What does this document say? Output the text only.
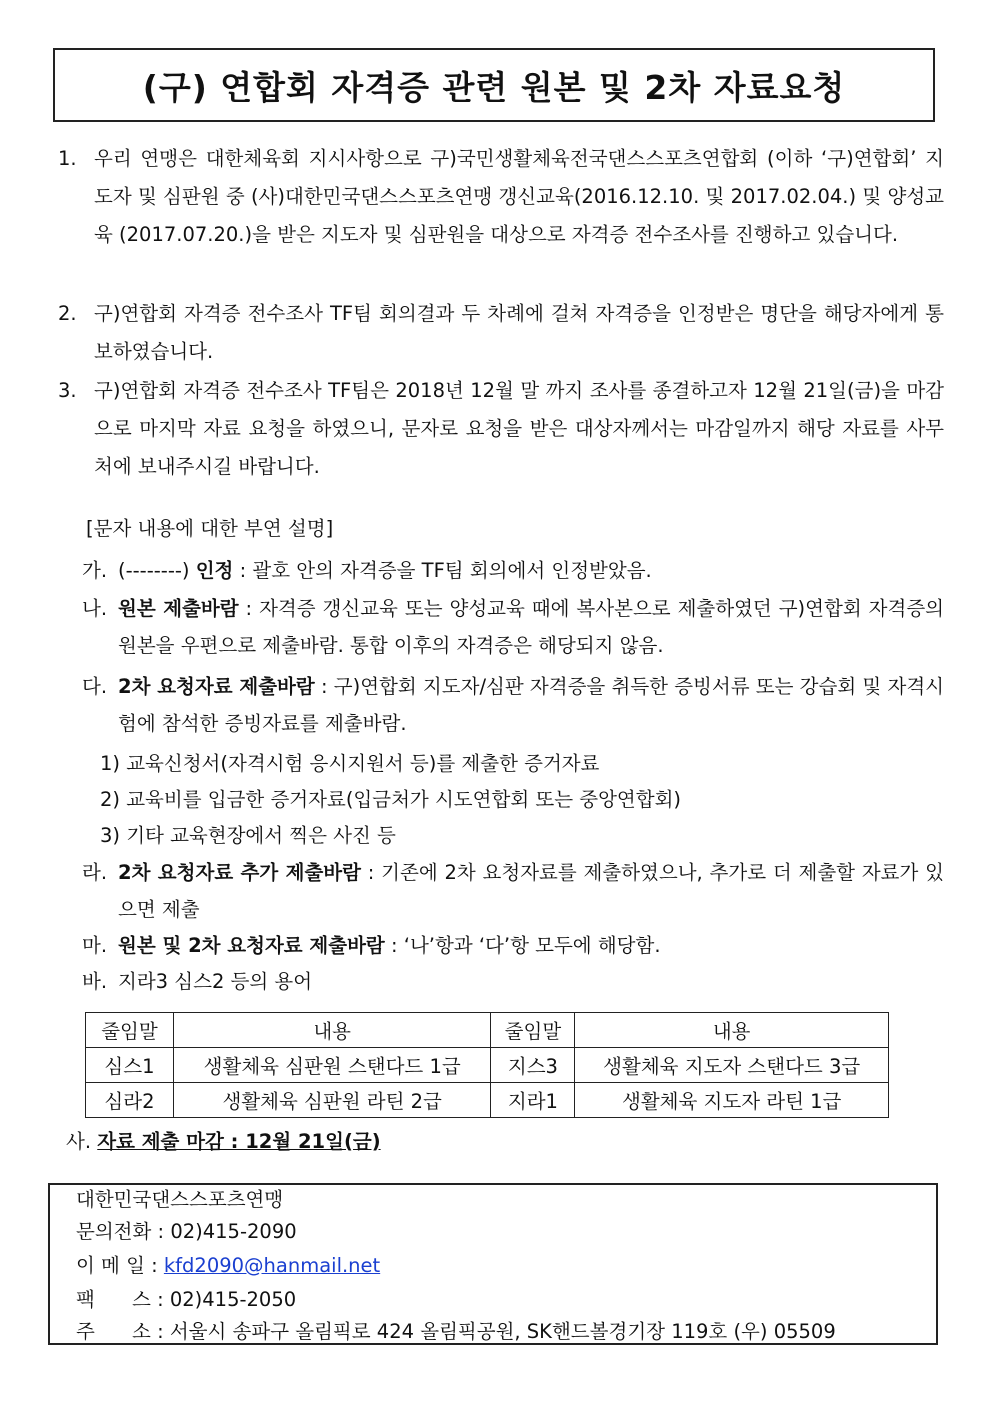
(구) 연합회 자격증 관련 원본 및 2차 자료요청
1. 우리 연맹은 대한체육회 지시사항으로 구)국민생활체육전국댄스스포츠연합회 (이하 ‘구)연합회’ 지도자 및 심판원 중 (사)대한민국댄스스포츠연맹 갱신교육(2016.12.10. 및 2017.02.04.) 및 양성교육 (2017.07.20.)을 받은 지도자 및 심판원을 대상으로 자격증 전수조사를 진행하고 있습니다.
2. 구)연합회 자격증 전수조사 TF팀 회의결과 두 차례에 걸쳐 자격증을 인정받은 명단을 해당자에게 통보하였습니다.
3. 구)연합회 자격증 전수조사 TF팀은 2018년 12월 말 까지 조사를 종결하고자 12월 21일(금)을 마감으로 마지막 자료 요청을 하였으니, 문자로 요청을 받은 대상자께서는 마감일까지 해당 자료를 사무처에 보내주시길 바랍니다.
[문자 내용에 대한 부연 설명]
가. (--------) 인정 : 괄호 안의 자격증을 TF팀 회의에서 인정받았음.
나. 원본 제출바람 : 자격증 갱신교육 또는 양성교육 때에 복사본으로 제출하였던 구)연합회 자격증의 원본을 우편으로 제출바람. 통합 이후의 자격증은 해당되지 않음.
다. 2차 요청자료 제출바람 : 구)연합회 지도자/심판 자격증을 취득한 증빙서류 또는 강습회 및 자격시험에 참석한 증빙자료를 제출바람.
1) 교육신청서(자격시험 응시지원서 등)를 제출한 증거자료
2) 교육비를 입금한 증거자료(입금처가 시도연합회 또는 중앙연합회)
3) 기타 교육현장에서 찍은 사진 등
라. 2차 요청자료 추가 제출바람 : 기존에 2차 요청자료를 제출하였으나, 추가로 더 제출할 자료가 있으면 제출
마. 원본 및 2차 요청자료 제출바람 : ‘나’항과 ‘다’항 모두에 해당함.
바. 지라3 심스2 등의 용어
줄임말	내용	줄임말	내용
심스1	생활체육 심판원 스탠다드 1급	지스3	생활체육 지도자 스탠다드 3급
심라2	생활체육 심판원 라틴 2급	지라1	생활체육 지도자 라틴 1급
사. 자료 제출 마감 : 12월 21일(금)
대한민국댄스스포츠연맹
문의전화 : 02)415-2090
이 메 일 : kfd2090@hanmail.net
팩      스 : 02)415-2050
주      소 : 서울시 송파구 올림픽로 424 올림픽공원, SK핸드볼경기장 119호 (우) 05509
